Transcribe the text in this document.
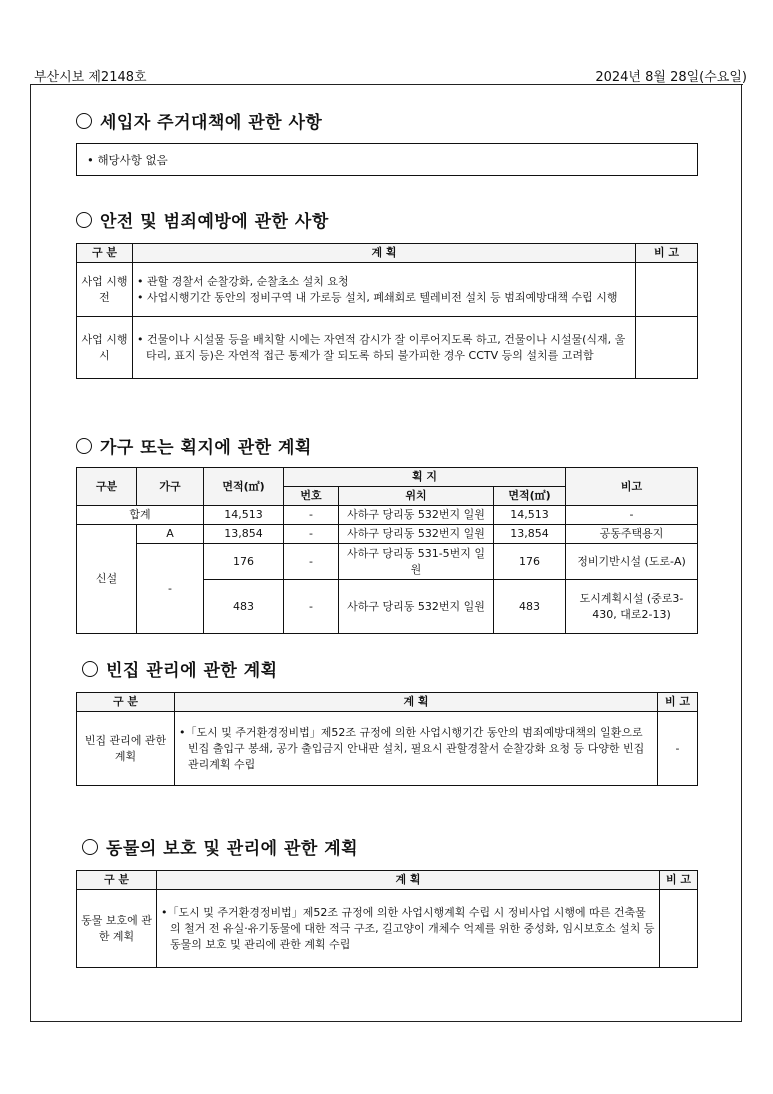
부산시보 제2148호	2024년 8월 28일(수요일)
세입자 주거대책에 관한 사항
• 해당사항 없음
안전 및 범죄예방에 관한 사항
구 분	계 획	비 고
사업 시행전	• 관할 경찰서 순찰강화, 순찰초소 설치 요청
• 사업시행기간 동안의 정비구역 내 가로등 설치, 폐쇄회로 텔레비전 설치 등 범죄예방대책 수립 시행	

사업 시행시	• 건물이나 시설물 등을 배치할 시에는 자연적 감시가 잘 이루어지도록 하고, 건물이나 시설물(식재, 울타리, 표지 등)은 자연적 접근 통제가 잘 되도록 하되 불가피한 경우 CCTV 등의 설치를 고려함	

가구 또는 획지에 관한 계획
구분	가구	면적(㎡)	획 지			비고
			번호	위치	면적(㎡)	
합계		14,513	-	사하구 당리동 532번지 일원	14,513	-
신설	A	13,854	-	사하구 당리동 532번지 일원	13,854	공동주택용지
	-	176	-	사하구 당리동 531-5번지 일원	176	정비기반시설 (도로-A)
		483	-	사하구 당리동 532번지 일원	483	도시계획시설 (중로3-430, 대로2-13)
빈집 관리에 관한 계획
구 분	계 획	비 고
빈집 관리에 관한 계획	•「도시 및 주거환경정비법」제52조 규정에 의한 사업시행기간 동안의 범죄예방대책의 일환으로 빈집 출입구 봉쇄, 공가 출입금지 안내판 설치, 필요시 관할경찰서 순찰강화 요청 등 다양한 빈집관리계획 수립	-
동물의 보호 및 관리에 관한 계획
구 분	계 획	비 고
동물 보호에 관한 계획	•「도시 및 주거환경정비법」제52조 규정에 의한 사업시행계획 수립 시 정비사업 시행에 따른 건축물의 철거 전 유실·유기동물에 대한 적극 구조, 길고양이 개체수 억제를 위한 중성화, 임시보호소 설치 등 동물의 보호 및 관리에 관한 계획 수립	
